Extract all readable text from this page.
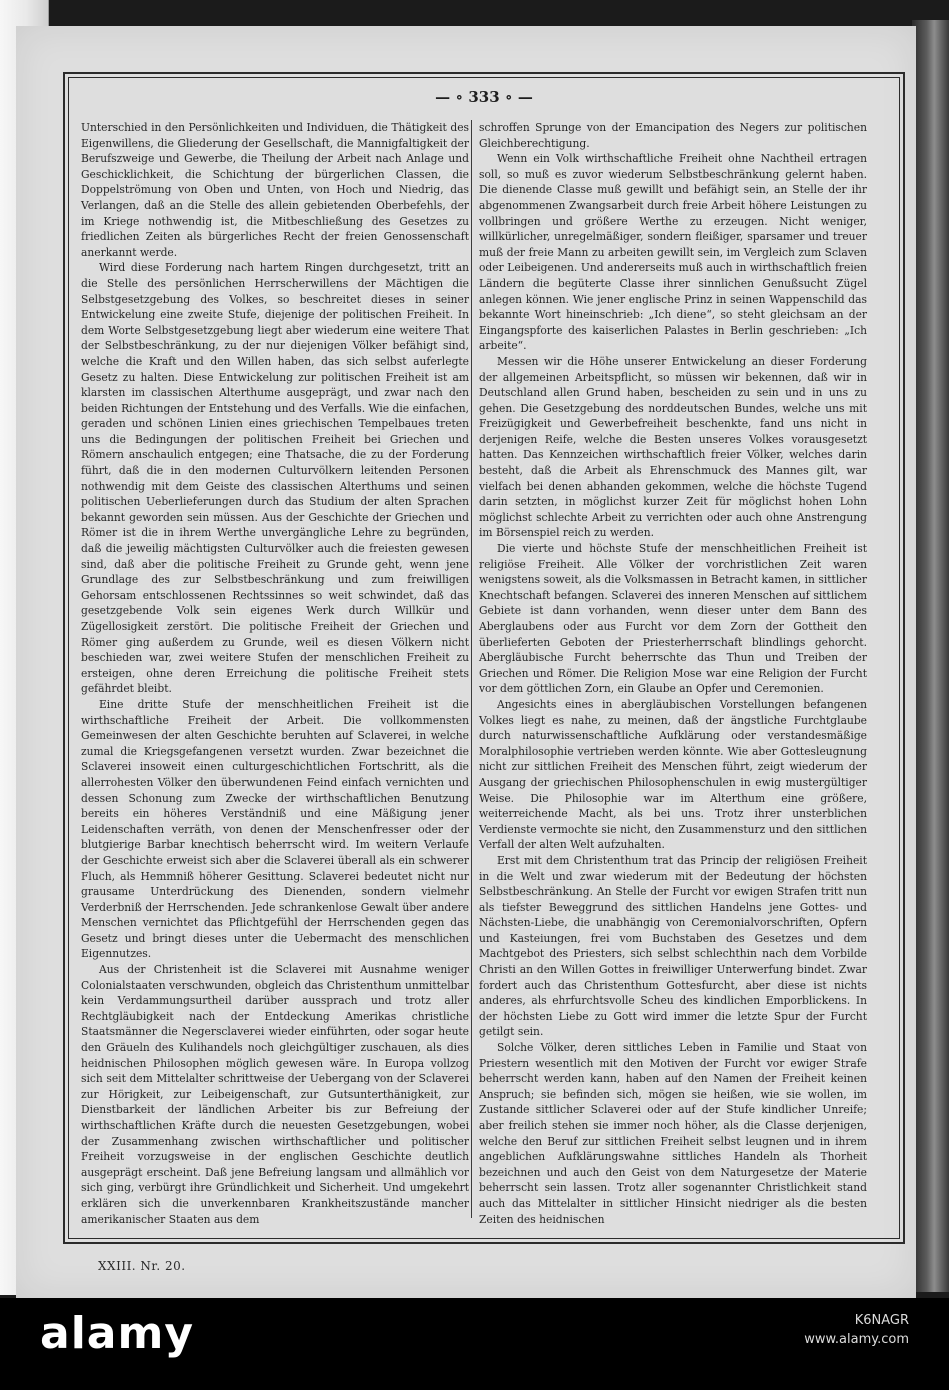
— ∘ 333 ∘ —

Unterschied in den Persönlichkeiten und Individuen, die Thätigkeit des Eigenwillens, die Gliederung der Gesellschaft, die Mannigfaltigkeit der Berufszweige und Gewerbe, die Theilung der Arbeit nach Anlage und Geschicklichkeit, die Schichtung der bürgerlichen Classen, die Doppelströmung von Oben und Unten, von Hoch und Niedrig, das Verlangen, daß an die Stelle des allein gebietenden Oberbefehls, der im Kriege nothwendig ist, die Mitbeschließung des Gesetzes zu friedlichen Zeiten als bürgerliches Recht der freien Genossenschaft anerkannt werde.

Wird diese Forderung nach hartem Ringen durchgesetzt, tritt an die Stelle des persönlichen Herrscherwillens der Mächtigen die Selbstgesetzgebung des Volkes, so beschreitet dieses in seiner Entwickelung eine zweite Stufe, diejenige der politischen Freiheit. In dem Worte Selbstgesetzgebung liegt aber wiederum eine weitere That der Selbstbeschränkung, zu der nur diejenigen Völker befähigt sind, welche die Kraft und den Willen haben, das sich selbst auferlegte Gesetz zu halten. Diese Entwickelung zur politischen Freiheit ist am klarsten im classischen Alterthume ausgeprägt, und zwar nach den beiden Richtungen der Entstehung und des Verfalls. Wie die einfachen, geraden und schönen Linien eines griechischen Tempelbaues treten uns die Bedingungen der politischen Freiheit bei Griechen und Römern anschaulich entgegen; eine Thatsache, die zu der Forderung führt, daß die in den modernen Culturvölkern leitenden Personen nothwendig mit dem Geiste des classischen Alterthums und seinen politischen Ueberlieferungen durch das Studium der alten Sprachen bekannt geworden sein müssen. Aus der Geschichte der Griechen und Römer ist die in ihrem Werthe unvergängliche Lehre zu begründen, daß die jeweilig mächtigsten Culturvölker auch die freiesten gewesen sind, daß aber die politische Freiheit zu Grunde geht, wenn jene Grundlage des zur Selbstbeschränkung und zum freiwilligen Gehorsam entschlossenen Rechtssinnes so weit schwindet, daß das gesetzgebende Volk sein eigenes Werk durch Willkür und Zügellosigkeit zerstört. Die politische Freiheit der Griechen und Römer ging außerdem zu Grunde, weil es diesen Völkern nicht beschieden war, zwei weitere Stufen der menschlichen Freiheit zu ersteigen, ohne deren Erreichung die politische Freiheit stets gefährdet bleibt.

Eine dritte Stufe der menschheitlichen Freiheit ist die wirthschaftliche Freiheit der Arbeit. Die vollkommensten Gemeinwesen der alten Geschichte beruhten auf Sclaverei, in welche zumal die Kriegsgefangenen versetzt wurden. Zwar bezeichnet die Sclaverei insoweit einen culturgeschichtlichen Fortschritt, als die allerrohesten Völker den überwundenen Feind einfach vernichten und dessen Schonung zum Zwecke der wirthschaftlichen Benutzung bereits ein höheres Verständniß und eine Mäßigung jener Leidenschaften verräth, von denen der Menschenfresser oder der blutgierige Barbar knechtisch beherrscht wird. Im weitern Verlaufe der Geschichte erweist sich aber die Sclaverei überall als ein schwerer Fluch, als Hemmniß höherer Gesittung. Sclaverei bedeutet nicht nur grausame Unterdrückung des Dienenden, sondern vielmehr Verderbniß der Herrschenden. Jede schrankenlose Gewalt über andere Menschen vernichtet das Pflichtgefühl der Herrschenden gegen das Gesetz und bringt dieses unter die Uebermacht des menschlichen Eigennutzes.

Aus der Christenheit ist die Sclaverei mit Ausnahme weniger Colonialstaaten verschwunden, obgleich das Christenthum unmittelbar kein Verdammungsurtheil darüber aussprach und trotz aller Rechtgläubigkeit nach der Entdeckung Amerikas christliche Staatsmänner die Negersclaverei wieder einführten, oder sogar heute den Gräueln des Kulihandels noch gleichgültiger zuschauen, als dies heidnischen Philosophen möglich gewesen wäre. In Europa vollzog sich seit dem Mittelalter schrittweise der Uebergang von der Sclaverei zur Hörigkeit, zur Leibeigenschaft, zur Gutsunterthänigkeit, zur Dienstbarkeit der ländlichen Arbeiter bis zur Befreiung der wirthschaftlichen Kräfte durch die neuesten Gesetzgebungen, wobei der Zusammenhang zwischen wirthschaftlicher und politischer Freiheit vorzugsweise in der englischen Geschichte deutlich ausgeprägt erscheint. Daß jene Befreiung langsam und allmählich vor sich ging, verbürgt ihre Gründlichkeit und Sicherheit. Und umgekehrt erklären sich die unverkennbaren Krankheitszustände mancher amerikanischer Staaten aus dem

schroffen Sprunge von der Emancipation des Negers zur politischen Gleichberechtigung.

Wenn ein Volk wirthschaftliche Freiheit ohne Nachtheil ertragen soll, so muß es zuvor wiederum Selbstbeschränkung gelernt haben. Die dienende Classe muß gewillt und befähigt sein, an Stelle der ihr abgenommenen Zwangsarbeit durch freie Arbeit höhere Leistungen zu vollbringen und größere Werthe zu erzeugen. Nicht weniger, willkürlicher, unregelmäßiger, sondern fleißiger, sparsamer und treuer muß der freie Mann zu arbeiten gewillt sein, im Vergleich zum Sclaven oder Leibeigenen. Und andererseits muß auch in wirthschaftlich freien Ländern die begüterte Classe ihrer sinnlichen Genußsucht Zügel anlegen können. Wie jener englische Prinz in seinen Wappenschild das bekannte Wort hineinschrieb: „Ich diene“, so steht gleichsam an der Eingangspforte des kaiserlichen Palastes in Berlin geschrieben: „Ich arbeite“.

Messen wir die Höhe unserer Entwickelung an dieser Forderung der allgemeinen Arbeitspflicht, so müssen wir bekennen, daß wir in Deutschland allen Grund haben, bescheiden zu sein und in uns zu gehen. Die Gesetzgebung des norddeutschen Bundes, welche uns mit Freizügigkeit und Gewerbefreiheit beschenkte, fand uns nicht in derjenigen Reife, welche die Besten unseres Volkes vorausgesetzt hatten. Das Kennzeichen wirthschaftlich freier Völker, welches darin besteht, daß die Arbeit als Ehrenschmuck des Mannes gilt, war vielfach bei denen abhanden gekommen, welche die höchste Tugend darin setzten, in möglichst kurzer Zeit für möglichst hohen Lohn möglichst schlechte Arbeit zu verrichten oder auch ohne Anstrengung im Börsenspiel reich zu werden.

Die vierte und höchste Stufe der menschheitlichen Freiheit ist religiöse Freiheit. Alle Völker der vorchristlichen Zeit waren wenigstens soweit, als die Volksmassen in Betracht kamen, in sittlicher Knechtschaft befangen. Sclaverei des inneren Menschen auf sittlichem Gebiete ist dann vorhanden, wenn dieser unter dem Bann des Aberglaubens oder aus Furcht vor dem Zorn der Gottheit den überlieferten Geboten der Priesterherrschaft blindlings gehorcht. Abergläubische Furcht beherrschte das Thun und Treiben der Griechen und Römer. Die Religion Mose war eine Religion der Furcht vor dem göttlichen Zorn, ein Glaube an Opfer und Ceremonien.

Angesichts eines in abergläubischen Vorstellungen befangenen Volkes liegt es nahe, zu meinen, daß der ängstliche Furchtglaube durch naturwissenschaftliche Aufklärung oder verstandesmäßige Moralphilosophie vertrieben werden könnte. Wie aber Gottesleugnung nicht zur sittlichen Freiheit des Menschen führt, zeigt wiederum der Ausgang der griechischen Philosophenschulen in ewig mustergültiger Weise. Die Philosophie war im Alterthum eine größere, weiterreichende Macht, als bei uns. Trotz ihrer unsterblichen Verdienste vermochte sie nicht, den Zusammensturz und den sittlichen Verfall der alten Welt aufzuhalten.

Erst mit dem Christenthum trat das Princip der religiösen Freiheit in die Welt und zwar wiederum mit der Bedeutung der höchsten Selbstbeschränkung. An Stelle der Furcht vor ewigen Strafen tritt nun als tiefster Beweggrund des sittlichen Handelns jene Gottes- und Nächsten-Liebe, die unabhängig von Ceremonialvorschriften, Opfern und Kasteiungen, frei vom Buchstaben des Gesetzes und dem Machtgebot des Priesters, sich selbst schlechthin nach dem Vorbilde Christi an den Willen Gottes in freiwilliger Unterwerfung bindet. Zwar fordert auch das Christenthum Gottesfurcht, aber diese ist nichts anderes, als ehrfurchtsvolle Scheu des kindlichen Emporblickens. In der höchsten Liebe zu Gott wird immer die letzte Spur der Furcht getilgt sein.

Solche Völker, deren sittliches Leben in Familie und Staat von Priestern wesentlich mit den Motiven der Furcht vor ewiger Strafe beherrscht werden kann, haben auf den Namen der Freiheit keinen Anspruch; sie befinden sich, mögen sie heißen, wie sie wollen, im Zustande sittlicher Sclaverei oder auf der Stufe kindlicher Unreife; aber freilich stehen sie immer noch höher, als die Classe derjenigen, welche den Beruf zur sittlichen Freiheit selbst leugnen und in ihrem angeblichen Aufklärungswahne sittliches Handeln als Thorheit bezeichnen und auch den Geist von dem Naturgesetze der Materie beherrscht sein lassen. Trotz aller sogenannter Christlichkeit stand auch das Mittelalter in sittlicher Hinsicht niedriger als die besten Zeiten des heidnischen

XXIII. Nr. 20.
alamy	K6NAGR
www.alamy.com
